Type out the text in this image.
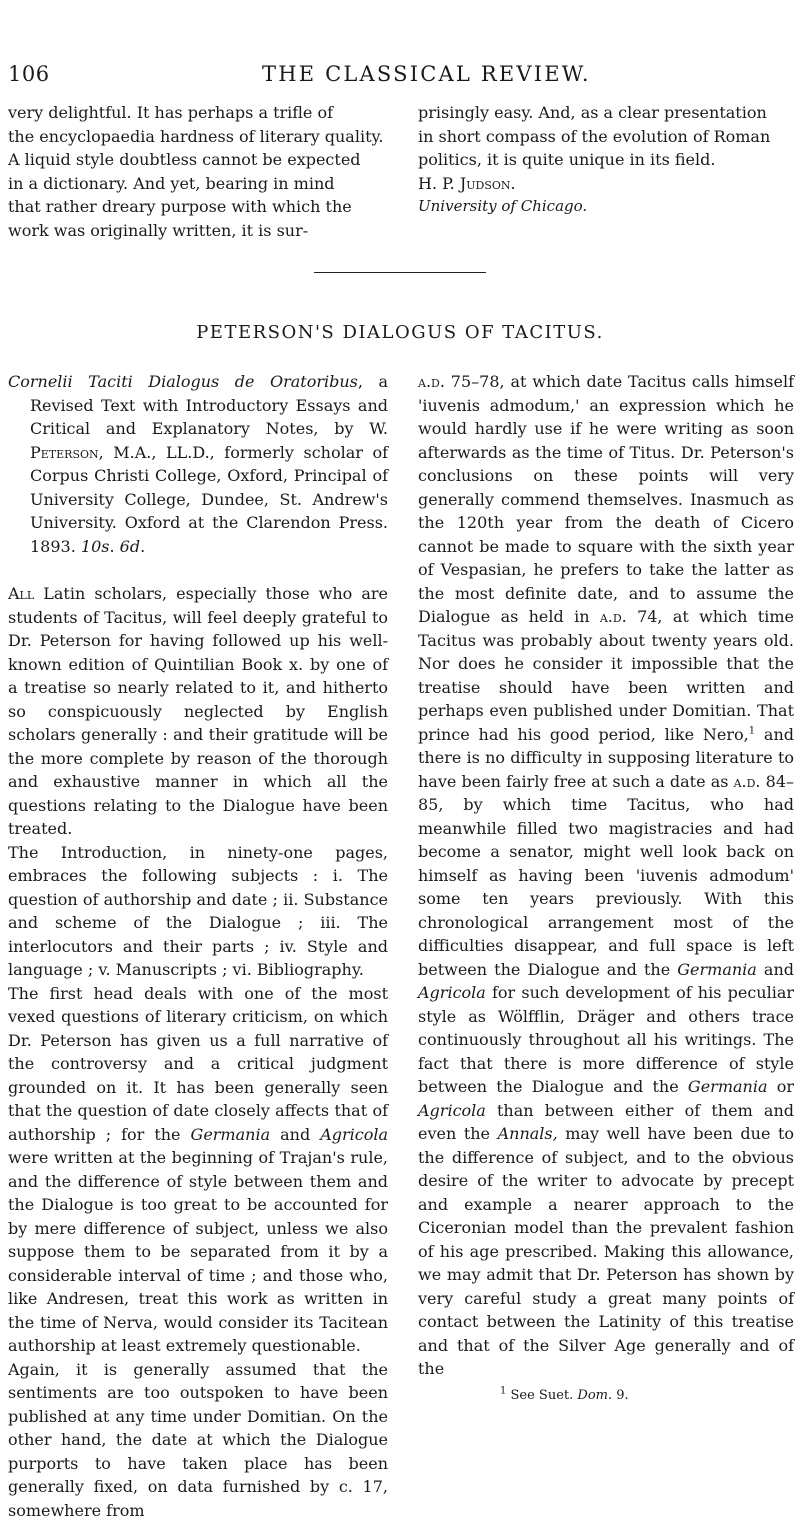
106	THE CLASSICAL REVIEW.
very delightful. It has perhaps a trifle of
the encyclopaedia hardness of literary quality.
A liquid style doubtless cannot be expected
in a dictionary. And yet, bearing in mind
that rather dreary purpose with which the
work was originally written, it is sur-
prisingly easy. And, as a clear presentation
in short compass of the evolution of Roman
politics, it is quite unique in its field.

H. P. Judson.

University of Chicago.

PETERSON'S DIALOGUS OF TACITUS.

Cornelii Taciti Dialogus de Oratoribus, a Revised Text with Introductory Essays and Critical and Explanatory Notes, by W. Peterson, M.A., LL.D., formerly scholar of Corpus Christi College, Oxford, Principal of University College, Dundee, St. Andrew's University. Oxford at the Clarendon Press. 1893. 10s. 6d.

All Latin scholars, especially those who are students of Tacitus, will feel deeply grateful to Dr. Peterson for having followed up his well-known edition of Quintilian Book x. by one of a treatise so nearly related to it, and hitherto so conspicuously neglected by English scholars generally : and their gratitude will be the more complete by reason of the thorough and exhaustive manner in which all the questions relating to the Dialogue have been treated.

The Introduction, in ninety-one pages, embraces the following subjects : i. The question of authorship and date ; ii. Substance and scheme of the Dialogue ; iii. The interlocutors and their parts ; iv. Style and language ; v. Manuscripts ; vi. Bibliography.

The first head deals with one of the most vexed questions of literary criticism, on which Dr. Peterson has given us a full narrative of the controversy and a critical judgment grounded on it. It has been generally seen that the question of date closely affects that of authorship ; for the Germania and Agricola were written at the beginning of Trajan's rule, and the difference of style between them and the Dialogue is too great to be accounted for by mere difference of subject, unless we also suppose them to be separated from it by a considerable interval of time ; and those who, like Andresen, treat this work as written in the time of Nerva, would consider its Tacitean authorship at least extremely questionable.

Again, it is generally assumed that the sentiments are too outspoken to have been published at any time under Domitian. On the other hand, the date at which the Dialogue purports to have taken place has been generally fixed, on data furnished by c. 17, somewhere from

a.d. 75–78, at which date Tacitus calls himself 'iuvenis admodum,' an expression which he would hardly use if he were writing as soon afterwards as the time of Titus. Dr. Peterson's conclusions on these points will very generally commend themselves. Inasmuch as the 120th year from the death of Cicero cannot be made to square with the sixth year of Vespasian, he prefers to take the latter as the most definite date, and to assume the Dialogue as held in a.d. 74, at which time Tacitus was probably about twenty years old. Nor does he consider it impossible that the treatise should have been written and perhaps even published under Domitian. That prince had his good period, like Nero,$^1$ and there is no difficulty in supposing literature to have been fairly free at such a date as a.d. 84–85, by which time Tacitus, who had meanwhile filled two magistracies and had become a senator, might well look back on himself as having been 'iuvenis admodum' some ten years previously. With this chronological arrangement most of the difficulties disappear, and full space is left between the Dialogue and the Germania and Agricola for such development of his peculiar style as Wölfflin, Dräger and others trace continuously throughout all his writings. The fact that there is more difference of style between the Dialogue and the Germania or Agricola than between either of them and even the Annals, may well have been due to the difference of subject, and to the obvious desire of the writer to advocate by precept and example a nearer approach to the Ciceronian model than the prevalent fashion of his age prescribed. Making this allowance, we may admit that Dr. Peterson has shown by very careful study a great many points of contact between the Latinity of this treatise and that of the Silver Age generally and of the

$^1$ See Suet. Dom. 9.
